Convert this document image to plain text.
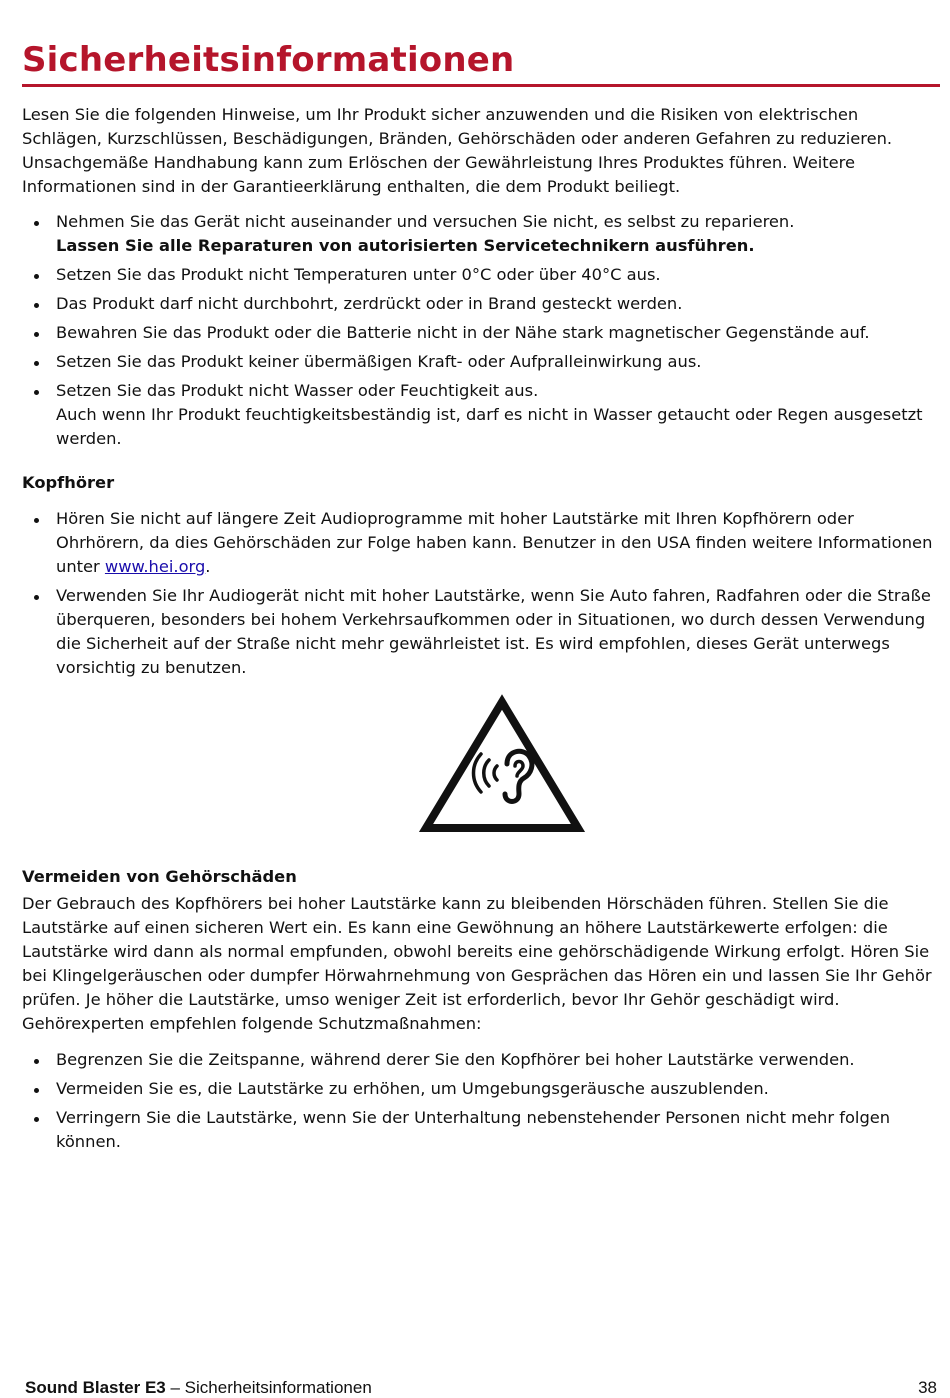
Sicherheitsinformationen
Lesen Sie die folgenden Hinweise, um Ihr Produkt sicher anzuwenden und die Risiken von elektrischen Schlägen, Kurzschlüssen, Beschädigungen, Bränden, Gehörschäden oder anderen Gefahren zu reduzieren. Unsachgemäße Handhabung kann zum Erlöschen der Gewährleistung Ihres Produktes führen. Weitere Informationen sind in der Garantieerklärung enthalten, die dem Produkt beiliegt.
Nehmen Sie das Gerät nicht auseinander und versuchen Sie nicht, es selbst zu reparieren.
Lassen Sie alle Reparaturen von autorisierten Servicetechnikern ausführen.
Setzen Sie das Produkt nicht Temperaturen unter 0°C oder über 40°C aus.
Das Produkt darf nicht durchbohrt, zerdrückt oder in Brand gesteckt werden.
Bewahren Sie das Produkt oder die Batterie nicht in der Nähe stark magnetischer Gegenstände auf.
Setzen Sie das Produkt keiner übermäßigen Kraft- oder Aufpralleinwirkung aus.
Setzen Sie das Produkt nicht Wasser oder Feuchtigkeit aus.
Auch wenn Ihr Produkt feuchtigkeitsbeständig ist, darf es nicht in Wasser getaucht oder Regen ausgesetzt werden.
Kopfhörer
Hören Sie nicht auf längere Zeit Audioprogramme mit hoher Lautstärke mit Ihren Kopfhörern oder Ohrhörern, da dies Gehörschäden zur Folge haben kann. Benutzer in den USA finden weitere Informationen unter www.hei.org.
Verwenden Sie Ihr Audiogerät nicht mit hoher Lautstärke, wenn Sie Auto fahren, Radfahren oder die Straße überqueren, besonders bei hohem Verkehrsaufkommen oder in Situationen, wo durch dessen Verwendung die Sicherheit auf der Straße nicht mehr gewährleistet ist. Es wird empfohlen, dieses Gerät unterwegs vorsichtig zu benutzen.
Vermeiden von Gehörschäden
Der Gebrauch des Kopfhörers bei hoher Lautstärke kann zu bleibenden Hörschäden führen. Stellen Sie die Lautstärke auf einen sicheren Wert ein. Es kann eine Gewöhnung an höhere Lautstärkewerte erfolgen: die Lautstärke wird dann als normal empfunden, obwohl bereits eine gehörschädigende Wirkung erfolgt. Hören Sie bei Klingelgeräuschen oder dumpfer Hörwahrnehmung von Gesprächen das Hören ein und lassen Sie Ihr Gehör prüfen. Je höher die Lautstärke, umso weniger Zeit ist erforderlich, bevor Ihr Gehör geschädigt wird. Gehörexperten empfehlen folgende Schutzmaßnahmen:
Begrenzen Sie die Zeitspanne, während derer Sie den Kopfhörer bei hoher Lautstärke verwenden.
Vermeiden Sie es, die Lautstärke zu erhöhen, um Umgebungsgeräusche auszublenden.
Verringern Sie die Lautstärke, wenn Sie der Unterhaltung nebenstehender Personen nicht mehr folgen können.
Sound Blaster E3 – Sicherheitsinformationen	38
